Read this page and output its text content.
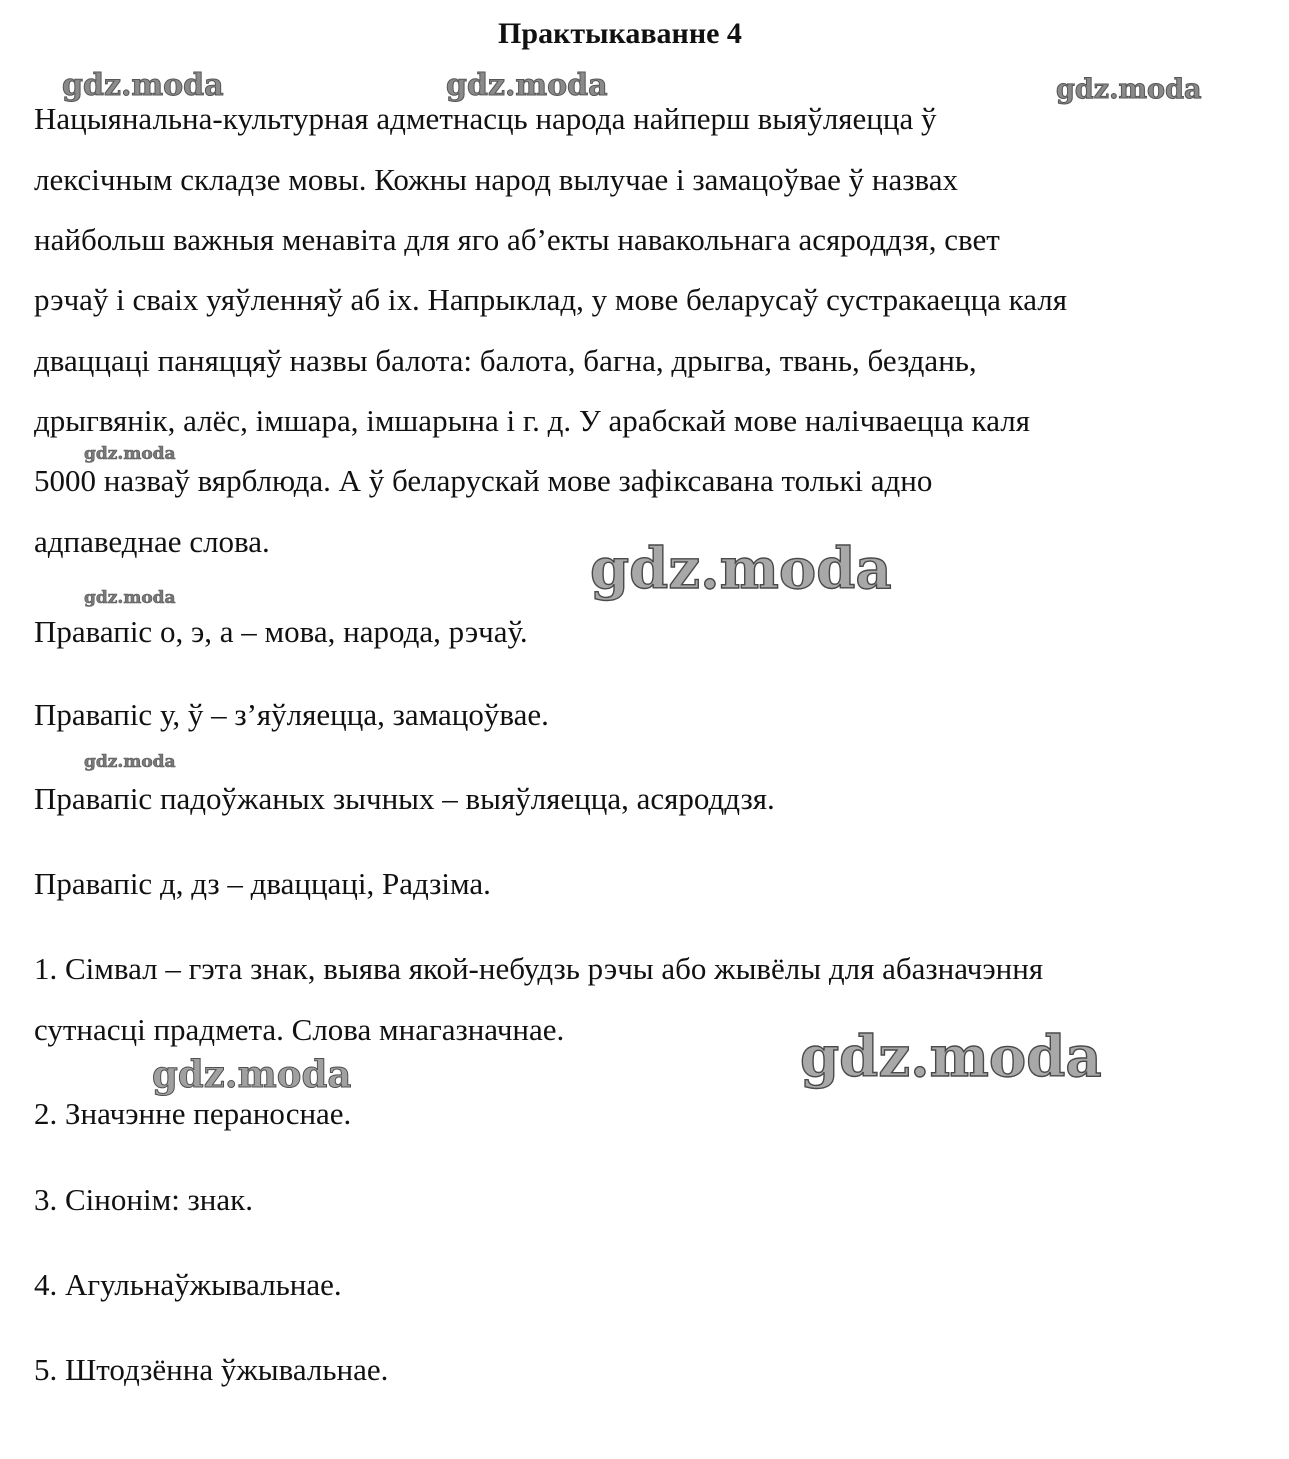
Практыкаванне 4
gdz.moda	gdz.moda	gdz.moda
gdz.moda
gdz.moda
gdz.moda
gdz.moda
gdz.moda
gdz.moda
Нацыянальна-культурная адметнасць народа найперш выяўляецца ў
лексічным складзе мовы. Кожны народ вылучае і замацоўвае ў назвах
найбольш важныя менавіта для яго аб’екты навакольнага асяроддзя, свет
рэчаў і сваіх уяўленняў аб іх. Напрыклад, у мове беларусаў сустракаецца каля
дваццаці паняццяў назвы балота: балота, багна, дрыгва, твань, бездань,
дрыгвянік, алёс, імшара, імшарына і г. д. У арабскай мове налічваецца каля
5000 назваў вярблюда. А ў беларускай мове зафіксавана толькі адно
адпаведнае слова.
Правапіс о, э, а – мова, народа, рэчаў.
Правапіс у, ў – з’яўляецца, замацоўвае.
Правапіс падоўжаных зычных – выяўляецца, асяроддзя.
Правапіс д, дз – дваццаці, Радзіма.
1. Сімвал – гэта знак, выява якой-небудзь рэчы або жывёлы для абазначэння
сутнасці прадмета. Слова мнагазначнае.
2. Значэнне пераноснае.
3. Сінонім: знак.
4. Агульнаўжывальнае.
5. Штодзённа ўжывальнае.
